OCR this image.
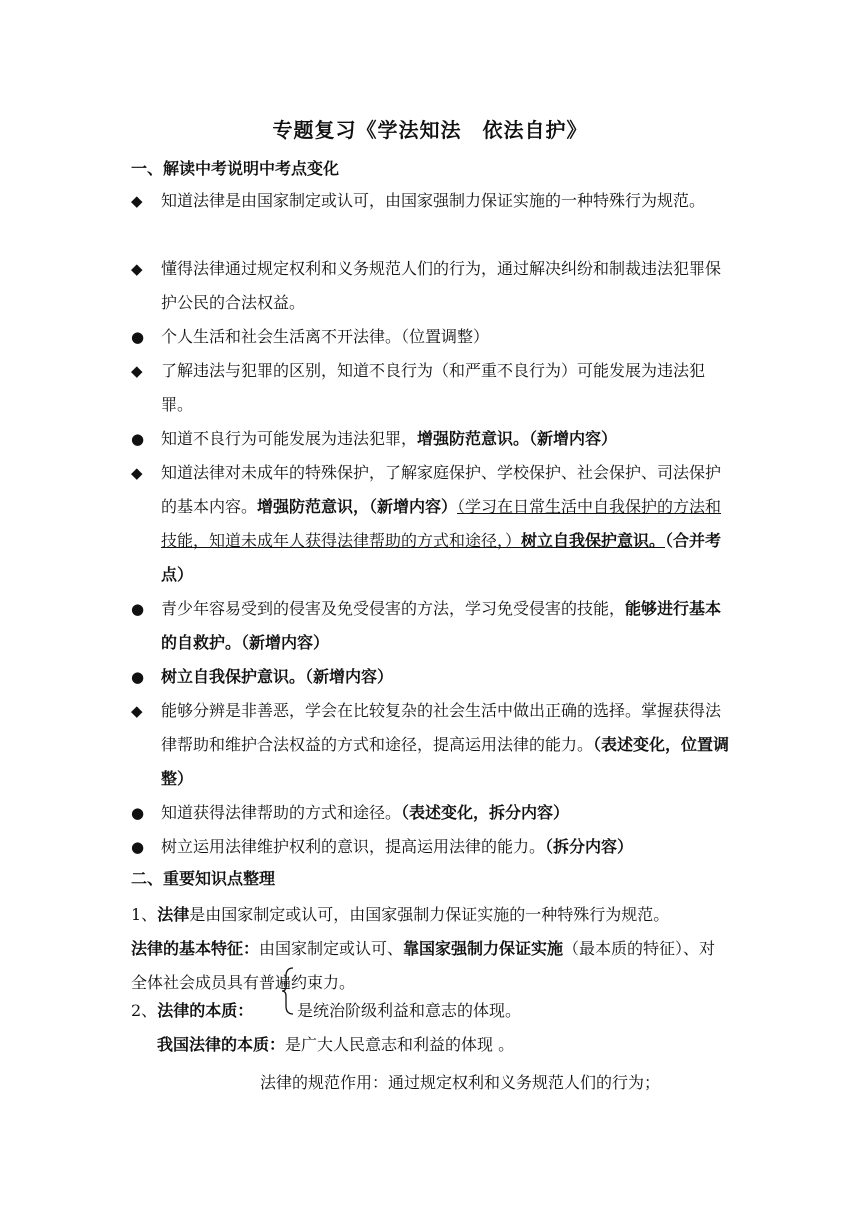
专题复习《学法知法　依法自护》
一、解读中考说明中考点变化
◆	知道法律是由国家制定或认可，由国家强制力保证实施的一种特殊行为规范。
◆	懂得法律通过规定权利和义务规范人们的行为，通过解决纠纷和制裁违法犯罪保护公民的合法权益。
●	个人生活和社会生活离不开法律。（位置调整）
◆	了解违法与犯罪的区别，知道不良行为（和严重不良行为）可能发展为违法犯罪。
●	知道不良行为可能发展为违法犯罪，增强防范意识。（新增内容）
◆	知道法律对未成年的特殊保护，了解家庭保护、学校保护、社会保护、司法保护的基本内容。增强防范意识，（新增内容）（学习在日常生活中自我保护的方法和技能，知道未成年人获得法律帮助的方式和途径，）树立自我保护意识。（合并考点）
●	青少年容易受到的侵害及免受侵害的方法，学习免受侵害的技能，能够进行基本的自救护。（新增内容）
●	树立自我保护意识。（新增内容）
◆	能够分辨是非善恶，学会在比较复杂的社会生活中做出正确的选择。掌握获得法律帮助和维护合法权益的方式和途径，提高运用法律的能力。（表述变化，位置调整）
●	知道获得法律帮助的方式和途径。（表述变化，拆分内容）
●	树立运用法律维护权利的意识，提高运用法律的能力。（拆分内容）
二、重要知识点整理
1、法律是由国家制定或认可，由国家强制力保证实施的一种特殊行为规范。
法律的基本特征：由国家制定或认可、靠国家强制力保证实施（最本质的特征）、对全体社会成员具有普遍约束力。
2、法律的本质：	是统治阶级利益和意志的体现。
我国法律的本质：是广大人民意志和利益的体现 。
法律的规范作用：通过规定权利和义务规范人们的行为；
